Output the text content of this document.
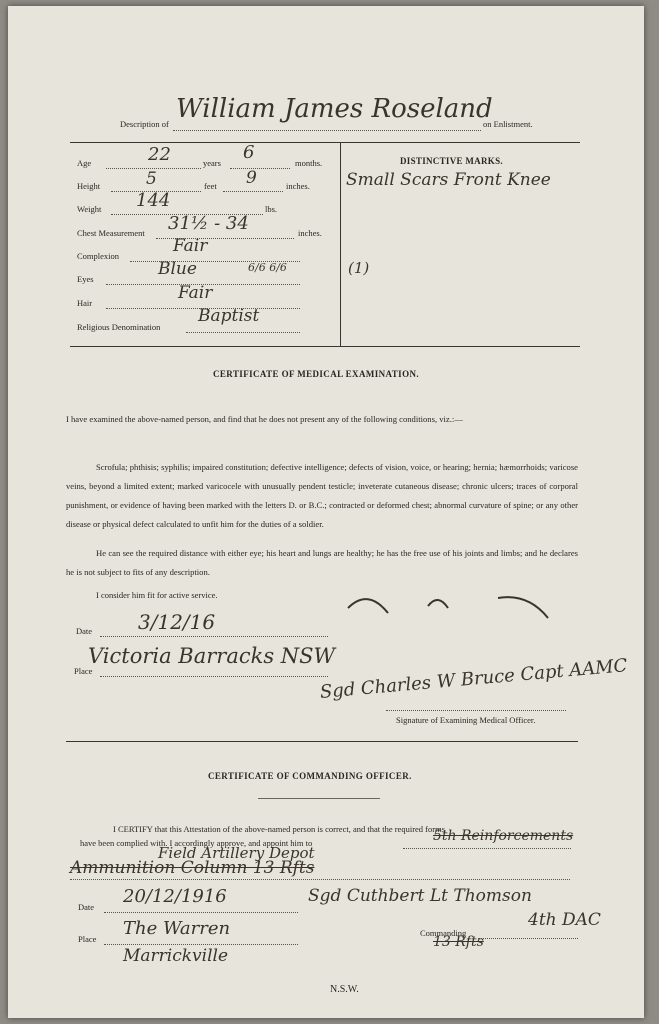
Description of William James Roseland
on Enlistment.
Age	22	years 6	months.
Height	5	feet 9	inches.
Weight 144	lbs.
Chest Measurement 31½ - 34	inches.
Complexion	Fair
Eyes	Blue	6/6 6/6
Hair	Fair
Religious Denomination
Baptist
DISTINCTIVE MARKS.
Small Scars Front Knee
(1)
CERTIFICATE OF MEDICAL EXAMINATION.
I have examined the above-named person, and find that he does not present any of the following conditions, viz.:—
Scrofula; phthisis; syphilis; impaired constitution; defective intelligence; defects of vision, voice, or hearing; hernia; hæmorrhoids; varicose veins, beyond a limited extent; marked varicocele with unusually pendent testicle; inveterate cutaneous disease; chronic ulcers; traces of corporal punishment, or evidence of having been marked with the letters D. or B.C.; contracted or deformed chest; abnormal curvature of spine; or any other disease or physical defect calculated to unfit him for the duties of a soldier.
He can see the required distance with either eye; his heart and lungs are healthy; he has the free use of his joints and limbs; and he declares he is not subject to fits of any description.
I consider him fit for active service.
Date 3/12/16
Place
Victoria Barracks NSW
Sgd Charles W Bruce Capt AAMC
Signature of Examining Medical Officer.
CERTIFICATE OF COMMANDING OFFICER.
I CERTIFY that this Attestation of the above-named person is correct, and that the required forms
have been complied with. I accordingly approve, and appoint him to	5th Reinforcements
Field Artillery Depot
Ammunition Column 13 Rfts
Date 20/12/1916	Sgd Cuthbert Lt Thomson
Place The Warren
Marrickville
N.S.W.
Commanding
4th DAC
13 Rfts
